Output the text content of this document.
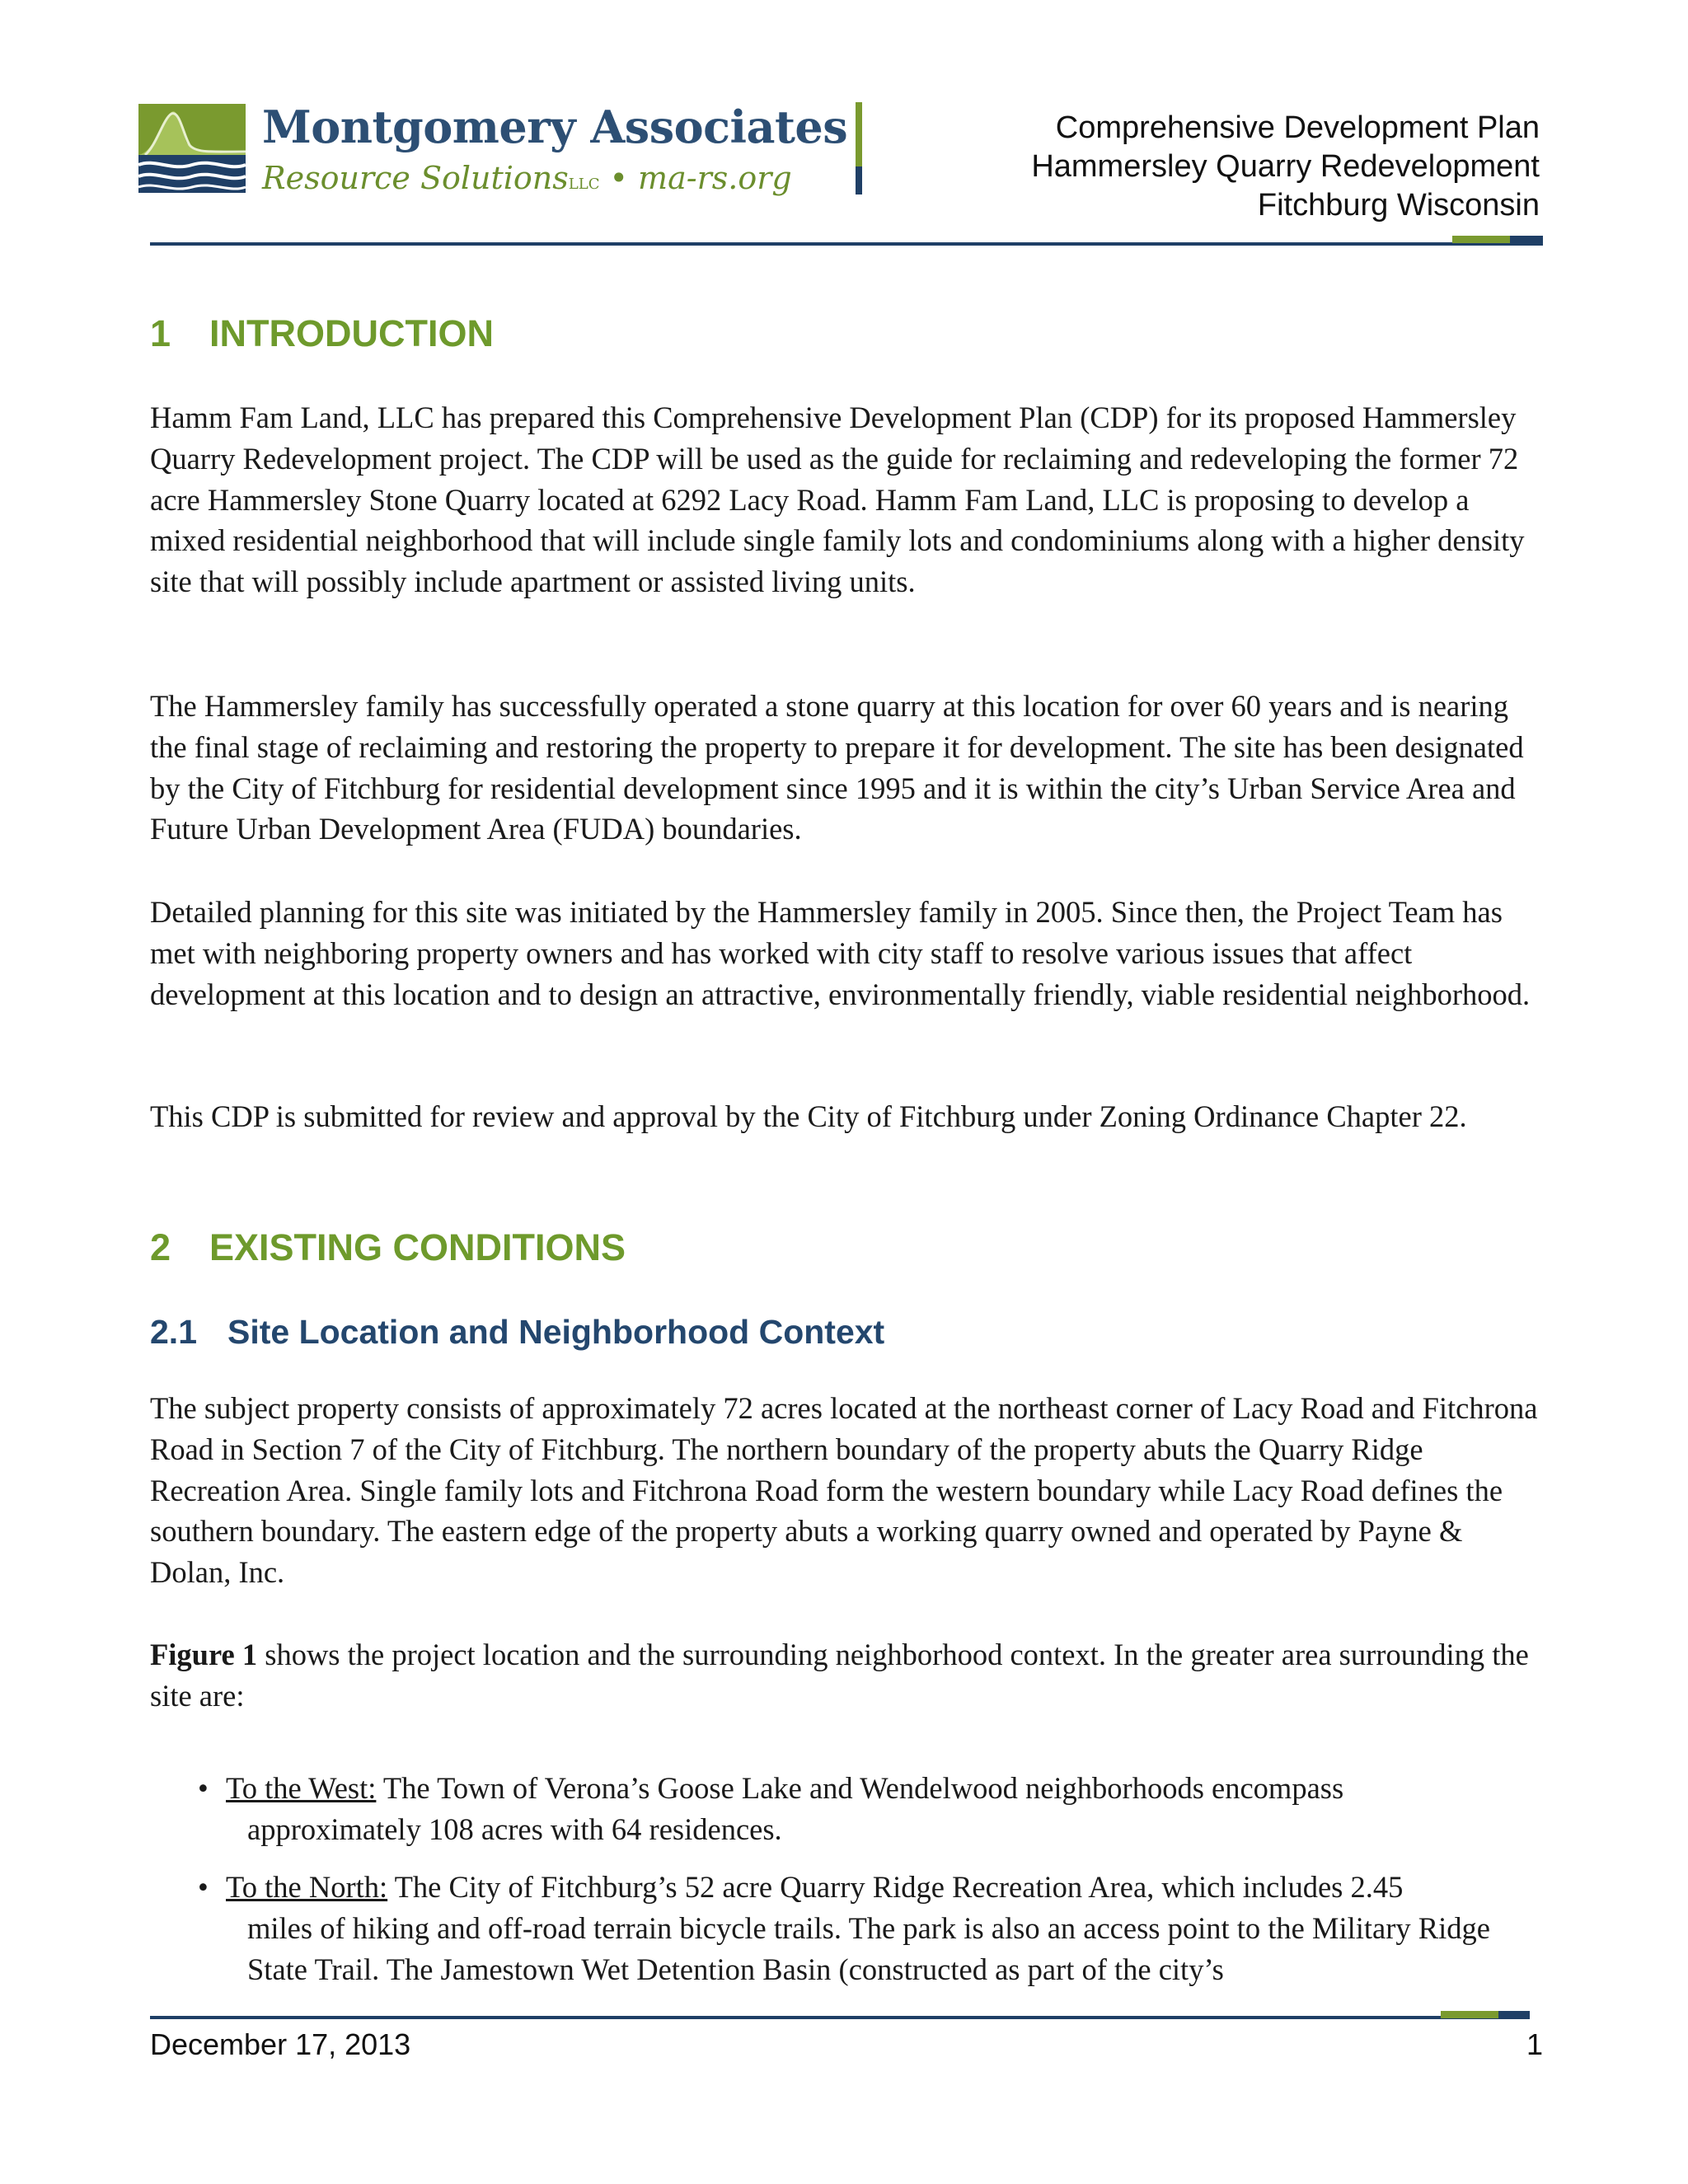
Montgomery Associates
Resource SolutionsLLC • ma-rs.org
Comprehensive Development Plan
Hammersley Quarry Redevelopment
Fitchburg Wisconsin
1 INTRODUCTION

Hamm Fam Land, LLC has prepared this Comprehensive Development Plan (CDP) for its proposed Hammersley Quarry Redevelopment project. The CDP will be used as the guide for reclaiming and redeveloping the former 72 acre Hammersley Stone Quarry located at 6292 Lacy Road. Hamm Fam Land, LLC is proposing to develop a mixed residential neighborhood that will include single family lots and condominiums along with a higher density site that will possibly include apartment or assisted living units.

The Hammersley family has successfully operated a stone quarry at this location for over 60 years and is nearing the final stage of reclaiming and restoring the property to prepare it for development. The site has been designated by the City of Fitchburg for residential development since 1995 and it is within the city’s Urban Service Area and Future Urban Development Area (FUDA) boundaries.

Detailed planning for this site was initiated by the Hammersley family in 2005. Since then, the Project Team has met with neighboring property owners and has worked with city staff to resolve various issues that affect development at this location and to design an attractive, environmentally friendly, viable residential neighborhood.

This CDP is submitted for review and approval by the City of Fitchburg under Zoning Ordinance Chapter 22.

2 EXISTING CONDITIONS
2.1 Site Location and Neighborhood Context

The subject property consists of approximately 72 acres located at the northeast corner of Lacy Road and Fitchrona Road in Section 7 of the City of Fitchburg. The northern boundary of the property abuts the Quarry Ridge Recreation Area. Single family lots and Fitchrona Road form the western boundary while Lacy Road defines the southern boundary. The eastern edge of the property abuts a working quarry owned and operated by Payne & Dolan, Inc.

Figure 1 shows the project location and the surrounding neighborhood context. In the greater area surrounding the site are:

• To the West: The Town of Verona’s Goose Lake and Wendelwood neighborhoods encompass
approximately 108 acres with 64 residences.
• To the North: The City of Fitchburg’s 52 acre Quarry Ridge Recreation Area, which includes 2.45

miles of hiking and off-road terrain bicycle trails. The park is also an access point to the Military Ridge State Trail. The Jamestown Wet Detention Basin (constructed as part of the city’s
December 17, 2013	1
